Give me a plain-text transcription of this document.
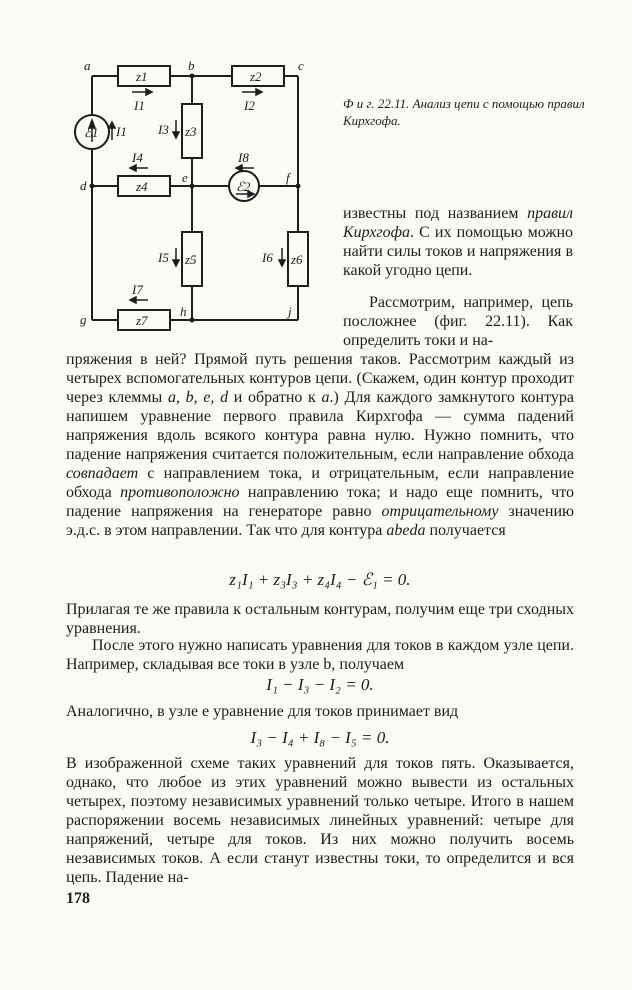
a	b	c
d
e	f
g
h	j
z1	z2
z3
z4
z5	z6
z7
I1
I1
I2
I3
I4
I5	I6
I7
I8
ℰ1
ℰ2
Ф и г. 22.11. Анализ цепи с помощью правил Кирхгофа.
известны под названием правил Кирхгофа. С их помощью можно найти силы токов и напряжения в какой угодно цепи.
Рассмотрим, например, цепь посложнее (фиг. 22.11). Как определить токи и на-
пряжения в ней? Прямой путь решения таков. Рассмотрим каждый из четырех вспомогательных контуров цепи. (Скажем, один контур проходит через клеммы a, b, e, d и обратно к a.) Для каждого замкнутого контура напишем уравнение первого правила Кирхгофа — сумма падений напряжения вдоль всякого контура равна нулю. Нужно помнить, что падение напряжения считается положительным, если направление обхода совпадает с направлением тока, и отрицательным, если направление обхода противоположно направлению тока; и надо еще помнить, что падение напряжения на генераторе равно отрицательному значению э.д.с. в этом направлении. Так что для контура abeda получается
z₁I₁ + z₃I₃ + z₄I₄ − ℰ₁ = 0.
Прилагая те же правила к остальным контурам, получим еще три сходных уравнения.
После этого нужно написать уравнения для токов в каждом узле цепи. Например, складывая все токи в узле b, получаем
I₁ − I₃ − I₂ = 0.
Аналогично, в узле e уравнение для токов принимает вид
I₃ − I₄ + I₈ − I₅ = 0.
В изображенной схеме таких уравнений для токов пять. Оказывается, однако, что любое из этих уравнений можно вывести из остальных четырех, поэтому независимых уравнений только четыре. Итого в нашем распоряжении восемь независимых линейных уравнений: четыре для напряжений, четыре для токов. Из них можно получить восемь независимых токов. А если станут известны токи, то определится и вся цепь. Падение на-
178
